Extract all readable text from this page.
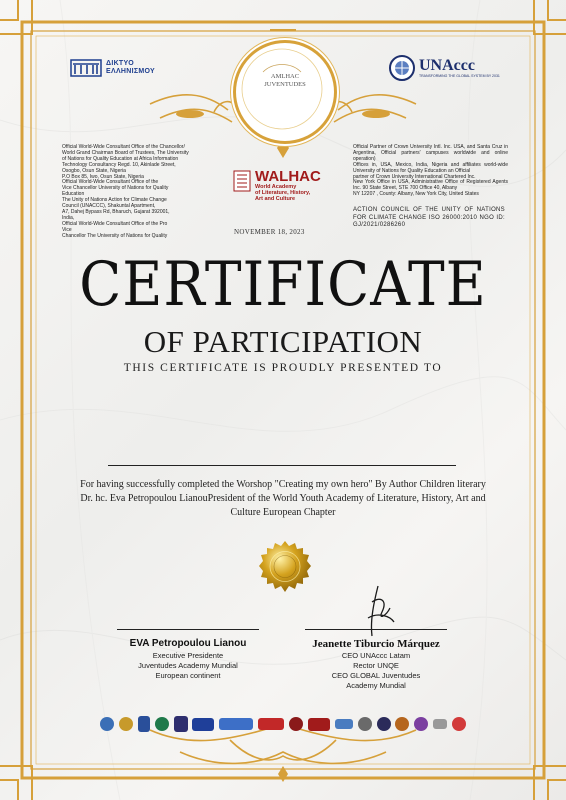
ΔΙΚΤΥΟ
ΕΛΛΗΝΙΣΜΟΥ
AMLHAC
JUVENTUDES
UNAccc
TRANSFORMING THE GLOBAL SYSTEM BY 2031
Official World-Wide Consultant Office of the Chancellor/
World Grand Chairman Board of Trustees, The University
of Nations for Quality Education at Africa Information
Technology Consultancy Regd. 10, Akinlade Street,
Osogbo, Osun State, Nigeria
P.O Box 85, Iwo, Osun State, Nigeria
Official World-Wide Consultant Office of the
Vice Chancellor University of Nations for Quality
Education
The Unity of Nations Action for Climate Change
Council (UNACCC), Shakuntal Apartment,
A7, Dahej Bypass Rd, Bharuch, Gujarat 392001,
India,
Official World-Wide Consultant Office of the Pro
Vice
Chancellor The University of Nations for Quality
WALHAC
World Academy
of Literature, History,
Art and Culture
NOVEMBER 18, 2023
Official Partner of Crown University Intl. Inc. USA, and Santa Cruz in Argentina, Official partners' campuses worldwide and online operation)
Offices in, USA, Mexico, India, Nigeria and affiliates world-wide University of Nations for Quality Education an Official
partner of Crown University International Chartered Inc.
New York Office in USA, Administrative Office of Registered Agents Inc. 90 State Street, STE 700 Office 40, Albany
NY 12207 , County: Albany, New York City, United States
ACTION COUNCIL OF THE UNITY OF NATIONS FOR CLIMATE CHANGE ISO 26000:2010 NGO ID: GJ/2021/0286260
CERTIFICATE
OF PARTICIPATION
THIS CERTIFICATE IS PROUDLY PRESENTED TO
For having successfully completed the Worshop "Creating my own hero" By Author Children literary Dr. hc. Eva Petropoulou LianouPresident of the World Youth Academy of Literature, History, Art and Culture European Chapter
EVA Petropoulou Lianou
Executive Presidente
Juventudes Academy Mundial
European continent
Jeanette Tiburcio Márquez
CEO UNAccc Latam
Rector UNQE
CEO GLOBAL Juventudes
Academy Mundial
